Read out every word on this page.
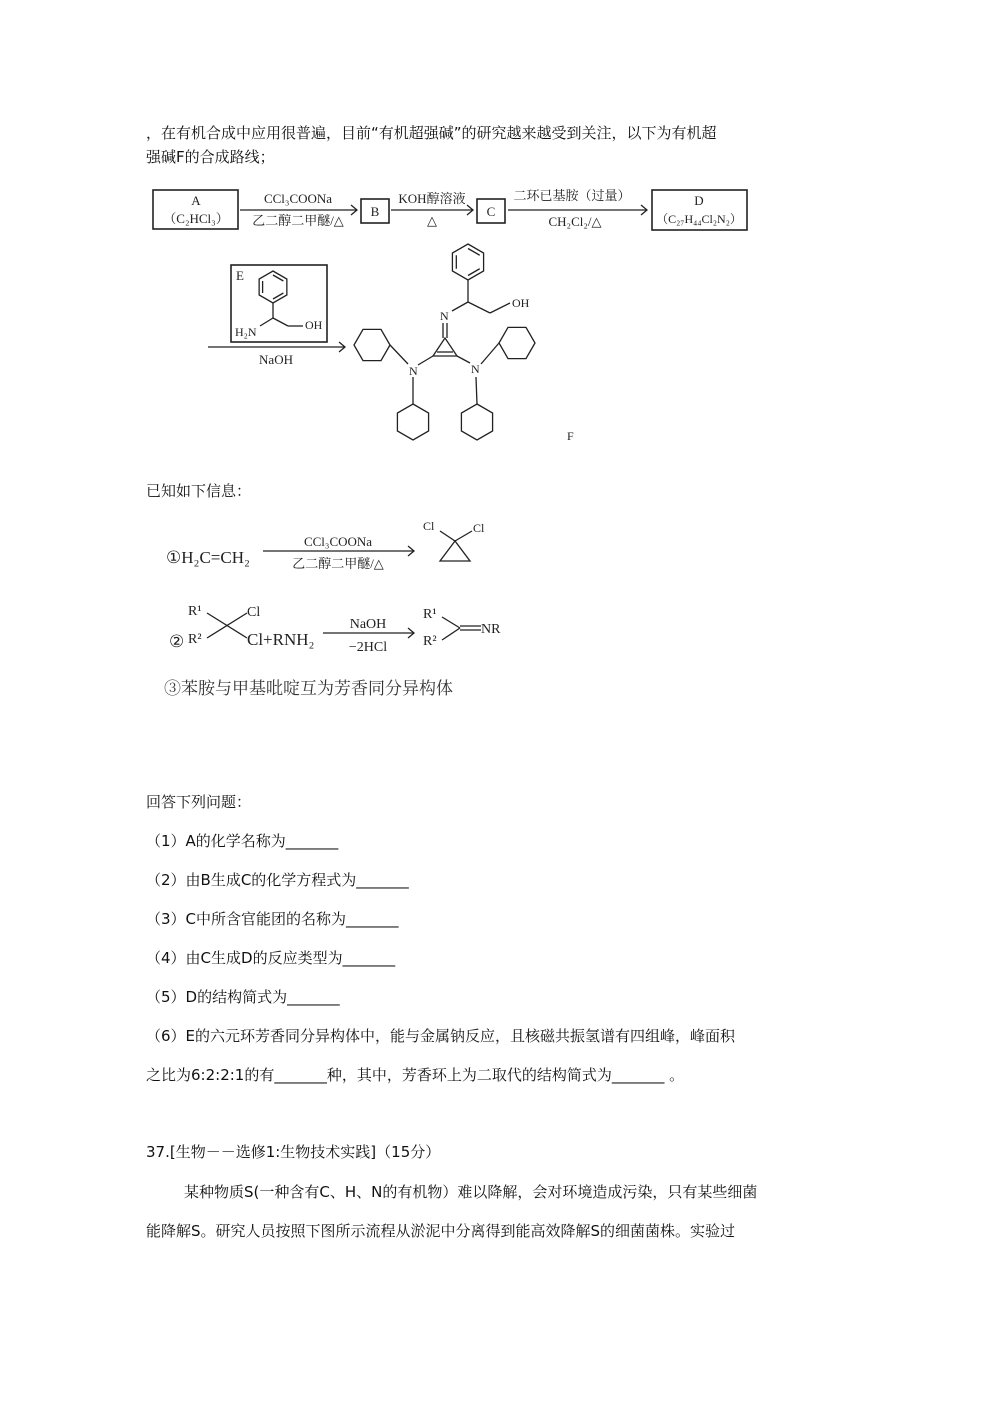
，在有机合成中应用很普遍，目前“有机超强碱”的研究越来越受到关注，以下为有机超
强碱F的合成路线；
A
（C₂HCl₃）
CCl₃COONa
乙二醇二甲醚/△
B
KOH醇溶液
△
C
二环已基胺（过量）
CH₂Cl₂/△
D
（C₂₇H₄₄Cl₂N₂）
E
H₂N	OH
NaOH
N
OH
N	N
F
①H₂C=CH₂
CCl₃COONa
乙二醇二甲醚/△
Cl	Cl
②
R¹
R²
Cl
Cl+RNH₂
NaOH
−2HCl
R¹
R²
NR
已知如下信息：
③苯胺与甲基吡啶互为芳香同分异构体
回答下列问题：
（1）A的化学名称为_______
（2）由B生成C的化学方程式为_______
（3）C中所含官能团的名称为_______
（4）由C生成D的反应类型为_______
（5）D的结构简式为_______
（6）E的六元环芳香同分异构体中，能与金属钠反应，且核磁共振氢谱有四组峰，峰面积
之比为6:2:2:1的有_______种，其中，芳香环上为二取代的结构简式为_______ 。
37.[生物－－选修1:生物技术实践]（15分）
某种物质S(一种含有C、H、N的有机物）难以降解，会对环境造成污染，只有某些细菌
能降解S。研究人员按照下图所示流程从淤泥中分离得到能高效降解S的细菌菌株。实验过
